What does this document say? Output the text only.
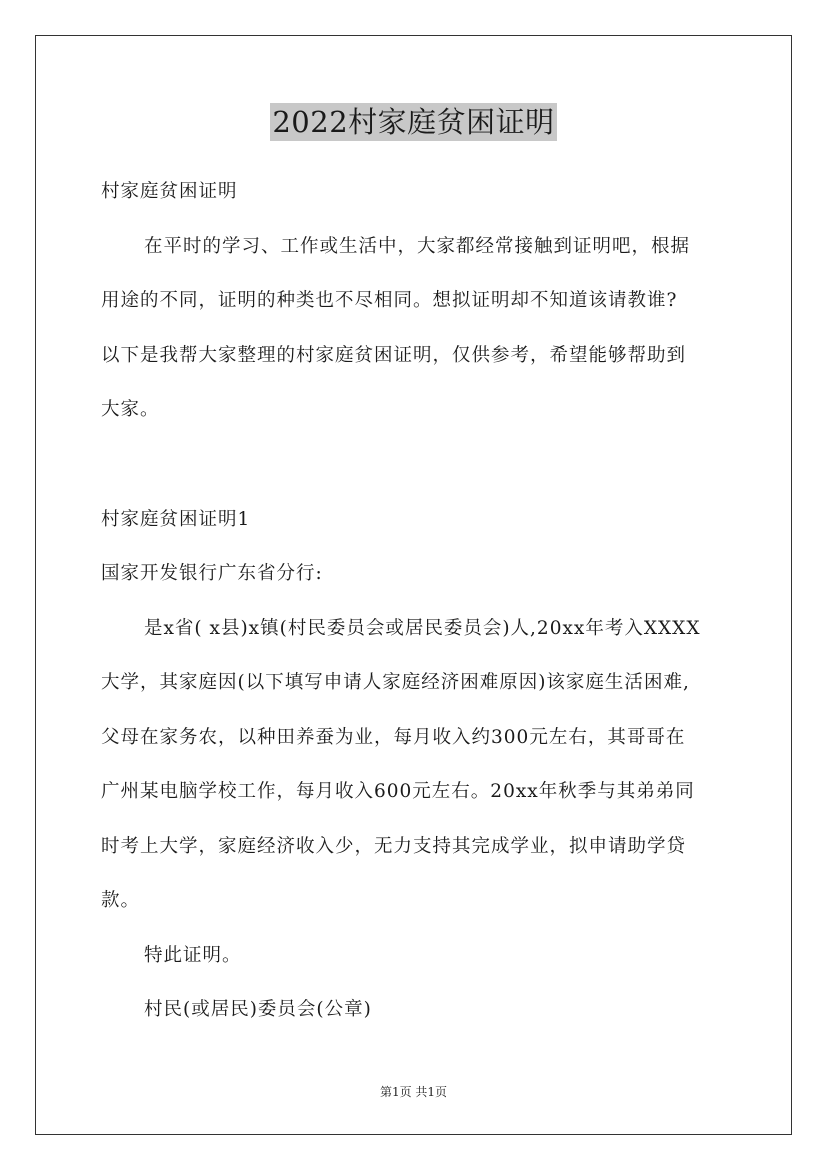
2022村家庭贫困证明
村家庭贫困证明
在平时的学习、工作或生活中，大家都经常接触到证明吧，根据
用途的不同，证明的种类也不尽相同。想拟证明却不知道该请教谁?
以下是我帮大家整理的村家庭贫困证明，仅供参考，希望能够帮助到
大家。
村家庭贫困证明1
国家开发银行广东省分行:
是x省( x县)x镇(村民委员会或居民委员会)人,20xx年考入XXXX
大学，其家庭因(以下填写申请人家庭经济困难原因)该家庭生活困难,
父母在家务农，以种田养蚕为业，每月收入约300元左右，其哥哥在
广州某电脑学校工作，每月收入600元左右。20xx年秋季与其弟弟同
时考上大学，家庭经济收入少，无力支持其完成学业，拟申请助学贷
款。
特此证明。
村民(或居民)委员会(公章)
第1页 共1页
